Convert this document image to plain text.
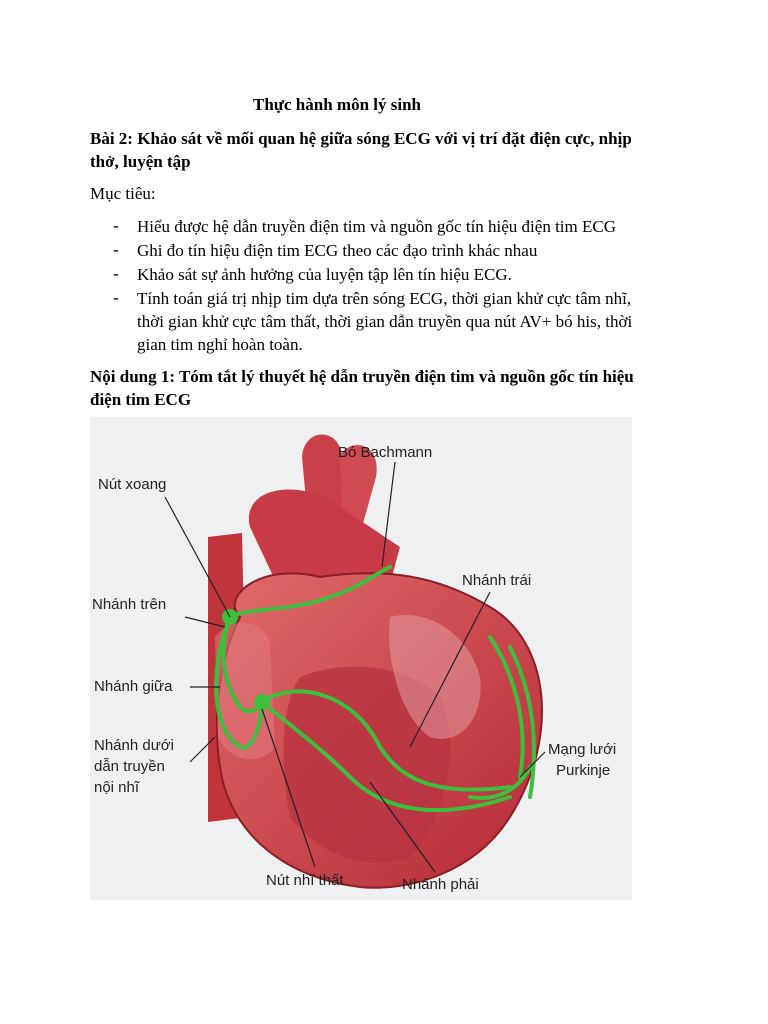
Thực hành môn lý sinh
Bài 2: Khảo sát về mối quan hệ giữa sóng ECG với vị trí đặt điện cực, nhịp
thở, luyện tập
Mục tiêu:
- Hiểu được hệ dẫn truyền điện tim và nguồn gốc tín hiệu điện tim ECG
- Ghi đo tín hiệu điện tim ECG theo các đạo trình khác nhau
- Khảo sát sự ảnh hưởng của luyện tập lên tín hiệu ECG.
- Tính toán giá trị nhịp tim dựa trên sóng ECG, thời gian khử cực tâm nhĩ,
thời gian khử cực tâm thất, thời gian dẫn truyền qua nút AV+ bó his, thời
gian tim nghỉ hoàn toàn.
Nội dung 1: Tóm tắt lý thuyết hệ dẫn truyền điện tim và nguồn gốc tín hiệu
điện tim ECG
Bó Bachmann
Nút xoang
Nhánh trái
Nhánh trên
Nhánh giữa
Nhánh dưới
dẫn truyền
nội nhĩ
Mạng lưới
Purkinje
Nút nhĩ thất	Nhánh phải
